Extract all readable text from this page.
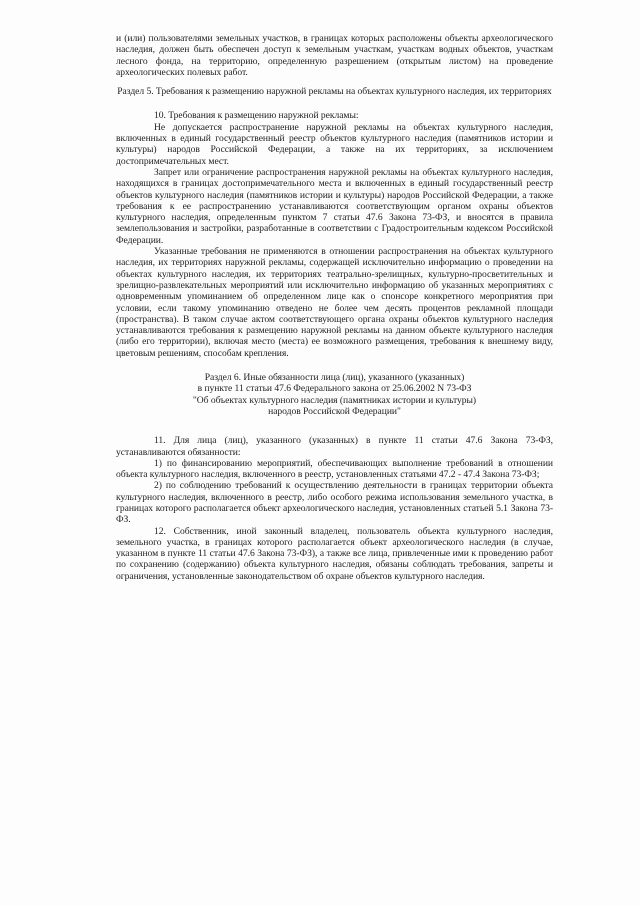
и (или) пользователями земельных участков, в границах которых расположены объекты археологического наследия, должен быть обеспечен доступ к земельным участкам, участкам водных объектов, участкам лесного фонда, на территорию, определенную разрешением (открытым листом) на проведение археологических полевых работ.

Раздел 5. Требования к размещению наружной рекламы на объектах культурного наследия, их территориях

10. Требования к размещению наружной рекламы:

Не допускается распространение наружной рекламы на объектах культурного наследия, включенных в единый государственный реестр объектов культурного наследия (памятников истории и культуры) народов Российской Федерации, а также на их территориях, за исключением достопримечательных мест.

Запрет или ограничение распространения наружной рекламы на объектах культурного наследия, находящихся в границах достопримечательного места и включенных в единый государственный реестр объектов культурного наследия (памятников истории и культуры) народов Российской Федерации, а также требования к ее распространению устанавливаются соответствующим органом охраны объектов культурного наследия, определенным пунктом 7 статьи 47.6 Закона 73-ФЗ, и вносятся в правила землепользования и застройки, разработанные в соответствии с Градостроительным кодексом Российской Федерации.

Указанные требования не применяются в отношении распространения на объектах культурного наследия, их территориях наружной рекламы, содержащей исключительно информацию о проведении на объектах культурного наследия, их территориях театрально-зрелищных, культурно-просветительных и зрелищно-развлекательных мероприятий или исключительно информацию об указанных мероприятиях с одновременным упоминанием об определенном лице как о спонсоре конкретного мероприятия при условии, если такому упоминанию отведено не более чем десять процентов рекламной площади (пространства). В таком случае актом соответствующего органа охраны объектов культурного наследия устанавливаются требования к размещению наружной рекламы на данном объекте культурного наследия (либо его территории), включая место (места) ее возможного размещения, требования к внешнему виду, цветовым решениям, способам крепления.

Раздел 6. Иные обязанности лица (лиц), указанного (указанных)

в пункте 11 статьи 47.6 Федерального закона от 25.06.2002 N 73-ФЗ

"Об объектах культурного наследия (памятниках истории и культуры)

народов Российской Федерации"

11. Для лица (лиц), указанного (указанных) в пункте 11 статьи 47.6 Закона 73-ФЗ, устанавливаются обязанности:

1) по финансированию мероприятий, обеспечивающих выполнение требований в отношении объекта культурного наследия, включенного в реестр, установленных статьями 47.2 - 47.4 Закона 73-ФЗ;

2) по соблюдению требований к осуществлению деятельности в границах территории объекта культурного наследия, включенного в реестр, либо особого режима использования земельного участка, в границах которого располагается объект археологического наследия, установленных статьей 5.1 Закона 73-ФЗ.

12. Собственник, иной законный владелец, пользователь объекта культурного наследия, земельного участка, в границах которого располагается объект археологического наследия (в случае, указанном в пункте 11 статьи 47.6 Закона 73-ФЗ), а также все лица, привлеченные ими к проведению работ по сохранению (содержанию) объекта культурного наследия, обязаны соблюдать требования, запреты и ограничения, установленные законодательством об охране объектов культурного наследия.
